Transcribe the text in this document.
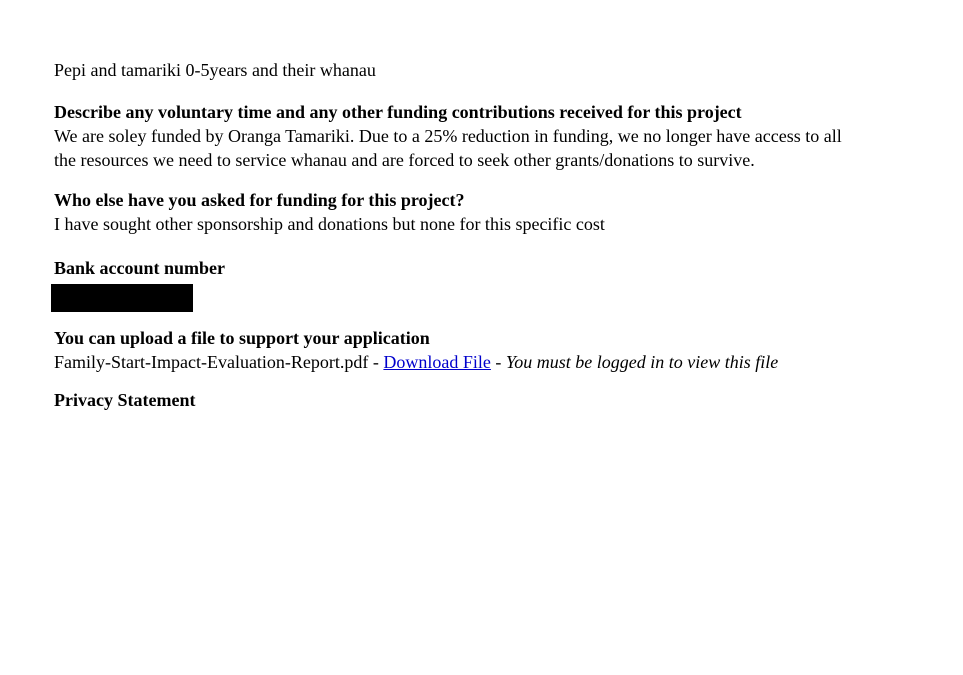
Pepi and tamariki 0-5years and their whanau

Describe any voluntary time and any other funding contributions received for this project

We are soley funded by Oranga Tamariki. Due to a 25% reduction in funding, we no longer have access to all the resources we need to service whanau and are forced to seek other grants/donations to survive.

Who else have you asked for funding for this project?

I have sought other sponsorship and donations but none for this specific cost

Bank account number

You can upload a file to support your application

Family-Start-Impact-Evaluation-Report.pdf - Download File - You must be logged in to view this file

Privacy Statement
